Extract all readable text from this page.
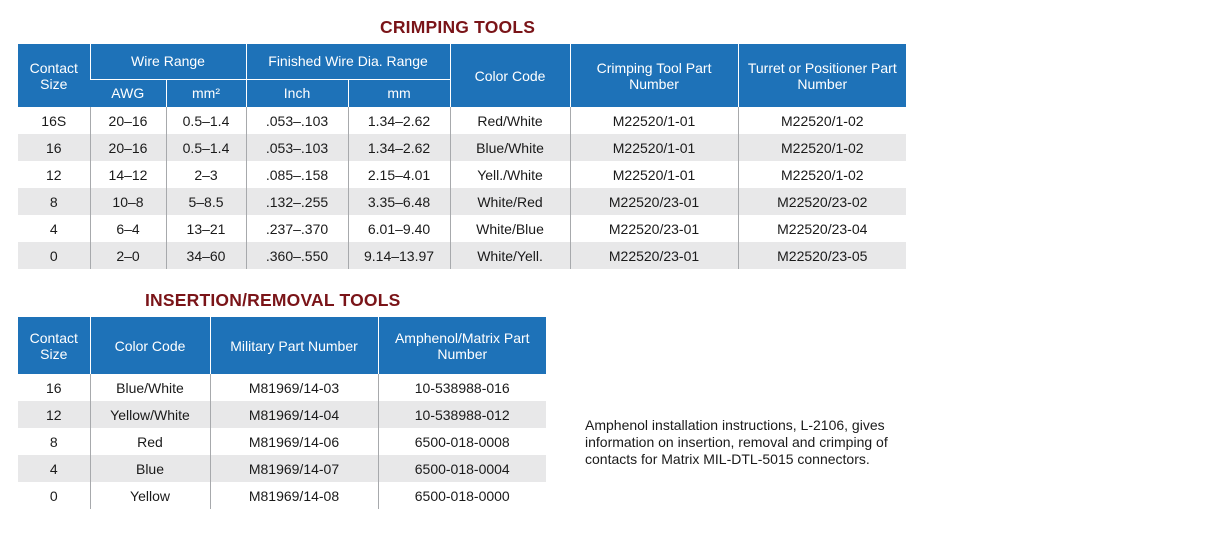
CRIMPING TOOLS
Contact Size	Wire Range		Finished Wire Dia. Range		Color Code	Crimping Tool Part Number	Turret or Positioner Part Number
	AWG	mm²	Inch	mm			
16S	20–16	0.5–1.4	.053–.103	1.34–2.62	Red/White	M22520/1-01	M22520/1-02
16	20–16	0.5–1.4	.053–.103	1.34–2.62	Blue/White	M22520/1-01	M22520/1-02
12	14–12	2–3	.085–.158	2.15–4.01	Yell./White	M22520/1-01	M22520/1-02
8	10–8	5–8.5	.132–.255	3.35–6.48	White/Red	M22520/23-01	M22520/23-02
4	6–4	13–21	.237–.370	6.01–9.40	White/Blue	M22520/23-01	M22520/23-04
0	2–0	34–60	.360–.550	9.14–13.97	White/Yell.	M22520/23-01	M22520/23-05
INSERTION/REMOVAL TOOLS
Contact Size	Color Code	Military Part Number	Amphenol/Matrix Part Number
16	Blue/White	M81969/14-03	10-538988-016
12	Yellow/White	M81969/14-04	10-538988-012
8	Red	M81969/14-06	6500-018-0008
4	Blue	M81969/14-07	6500-018-0004
0	Yellow	M81969/14-08	6500-018-0000
Amphenol installation instructions, L-2106, gives information on insertion, removal and crimping of contacts for Matrix MIL-DTL-5015 connectors.
